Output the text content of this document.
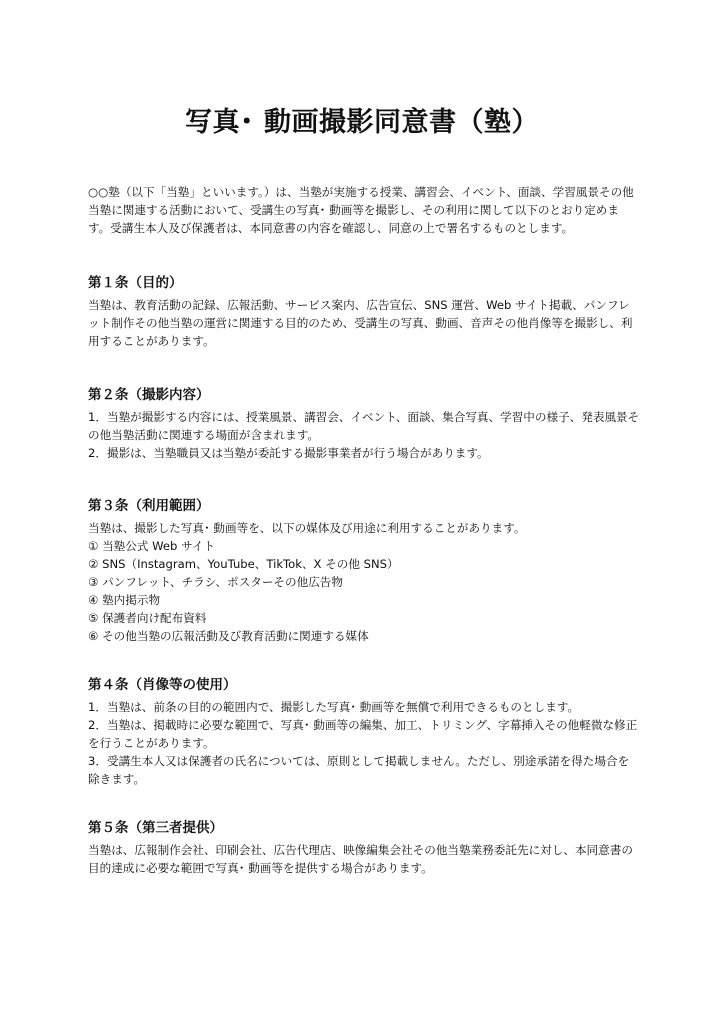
写真･ 動画撮影同意書（塾）

○○塾（以下「当塾」といいます。）は、当塾が実施する授業、講習会、イベント、面談、学習風景その他当塾に関連する活動において、受講生の写真･ 動画等を撮影し、その利用に関して以下のとおり定めます。受講生本人及び保護者は、本同意書の内容を確認し、同意の上で署名するものとします。

第１条（目的）

当塾は、教育活動の記録、広報活動、サービス案内、広告宣伝、SNS 運営、Web サイト掲載、パンフレット制作その他当塾の運営に関連する目的のため、受講生の写真、動画、音声その他肖像等を撮影し、利用することがあります。

第２条（撮影内容）
1．当塾が撮影する内容には、授業風景、講習会、イベント、面談、集合写真、学習中の様子、発表風景その他当塾活動に関連する場面が含まれます。
2．撮影は、当塾職員又は当塾が委託する撮影事業者が行う場合があります。
第３条（利用範囲）

当塾は、撮影した写真･ 動画等を、以下の媒体及び用途に利用することがあります。

① 当塾公式 Web サイト
② SNS（Instagram、YouTube、TikTok、X その他 SNS）
③ パンフレット、チラシ、ポスターその他広告物
④ 塾内掲示物
⑤ 保護者向け配布資料
⑥ その他当塾の広報活動及び教育活動に関連する媒体
第４条（肖像等の使用）
1．当塾は、前条の目的の範囲内で、撮影した写真･ 動画等を無償で利用できるものとします。
2．当塾は、掲載時に必要な範囲で、写真･ 動画等の編集、加工、トリミング、字幕挿入その他軽微な修正を行うことがあります。
3．受講生本人又は保護者の氏名については、原則として掲載しません。ただし、別途承諾を得た場合を除きます。
第５条（第三者提供）

当塾は、広報制作会社、印刷会社、広告代理店、映像編集会社その他当塾業務委託先に対し、本同意書の目的達成に必要な範囲で写真･ 動画等を提供する場合があります。
